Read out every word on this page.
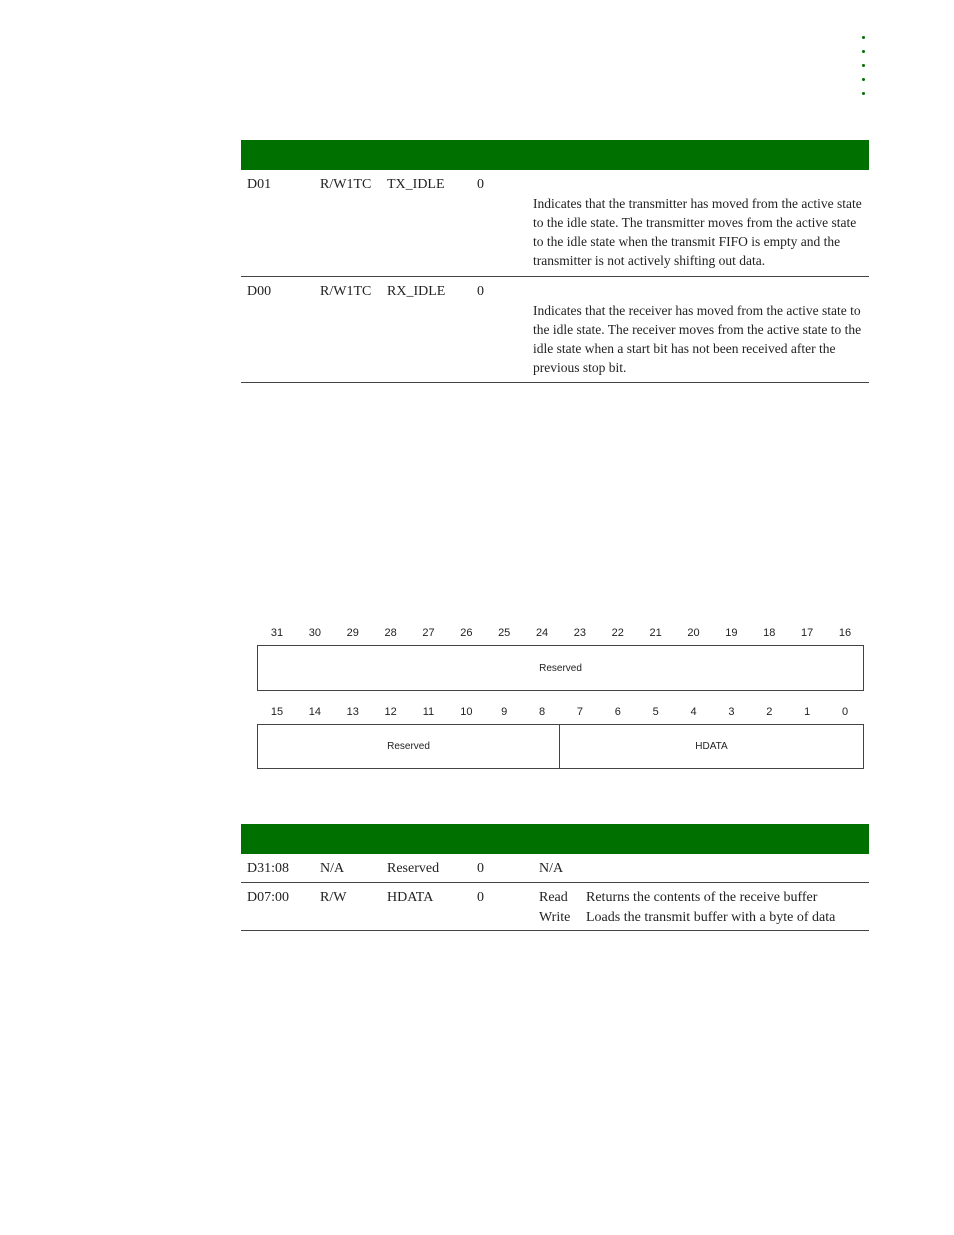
D01	R/W1TC TX_IDLE 0
Indicates that the transmitter has moved from the active state to the idle state. The transmitter moves from the active state to the idle state when the transmit FIFO is empty and the transmitter is not actively shifting out data.
D00	R/W1TC RX_IDLE 0
Indicates that the receiver has moved from the active state to the idle state. The receiver moves from the active state to the idle state when a start bit has not been received after the previous stop bit.
31	30	29	28	27	26	25	24	23	22	21	20	19	18	17	16
Reserved
15	14	13	12	11	10	9	8	7	6	5	4	3	2	1	0
Reserved	HDATA
D31:08 N/A	Reserved	0	N/A
D07:00 R/W	HDATA	0	Read Returns the contents of the receive buffer
Write Loads the transmit buffer with a byte of data
